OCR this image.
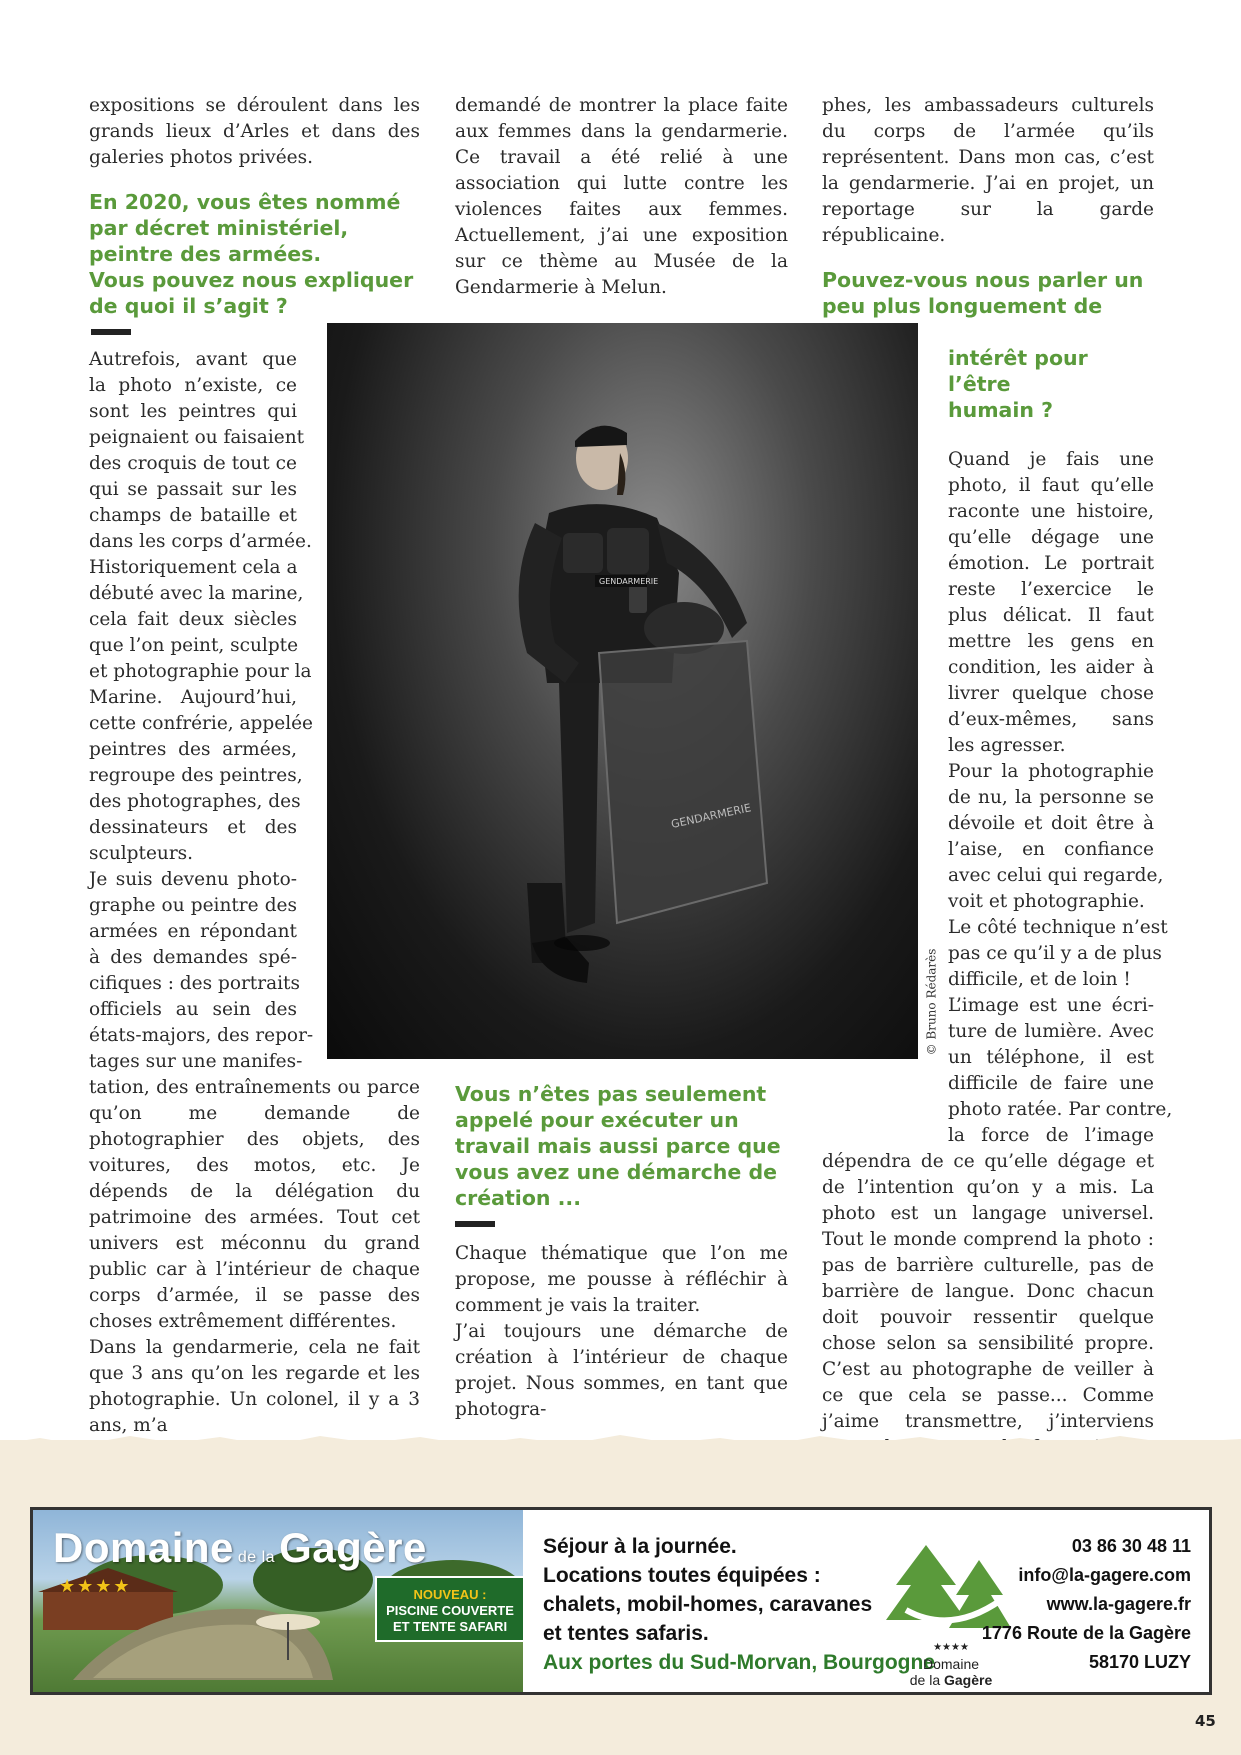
expositions se déroulent dans les grands lieux d’Arles et dans des galeries photos privées.

En 2020, vous êtes nommé

par décret ministériel,

peintre des armées.

Vous pouvez nous expliquer

de quoi il s’agit ?

Autrefois, avant que
la photo n’existe, ce
sont les peintres qui
peignaient ou faisaient
des croquis de tout ce
qui se passait sur les
champs de bataille et
dans les corps d’armée.
Historiquement cela a
débuté avec la marine,
cela fait deux siècles
que l’on peint, sculpte
et photographie pour la
Marine. Aujourd’hui,
cette confrérie, appelée
peintres des armées,
regroupe des peintres,
des photographes, des
dessinateurs et des
sculpteurs.
Je suis devenu photo-
graphe ou peintre des
armées en répondant
à des demandes spé-
cifiques : des portraits
officiels au sein des
états-majors, des repor-
tages sur une manifes-

tation, des entraînements ou parce qu’on me demande de photographier des objets, des voitures, des motos, etc. Je dépends de la délégation du patrimoine des armées. Tout cet univers est méconnu du grand public car à l’intérieur de chaque corps d’armée, il se passe des choses extrêmement différentes.

Dans la gendarmerie, cela ne fait que 3 ans qu’on les regarde et les photographie. Un colonel, il y a 3 ans, m’a

demandé de montrer la place faite aux femmes dans la gendarmerie. Ce travail a été relié à une association qui lutte contre les violences faites aux femmes. Actuellement, j’ai une exposition sur ce thème au Musée de la Gendarmerie à Melun.

Vous n’êtes pas seulement

appelé pour exécuter un

travail mais aussi parce que

vous avez une démarche de

création ...

Chaque thématique que l’on me propose, me pousse à réfléchir à comment je vais la traiter.

J’ai toujours une démarche de création à l’intérieur de chaque projet. Nous sommes, en tant que photogra-

phes, les ambassadeurs culturels du corps de l’armée qu’ils représentent. Dans mon cas, c’est la gendarmerie. J’ai en projet, un reportage sur la garde républicaine.

Pouvez-vous nous parler un

peu plus longuement de

intérêt pour l’être

humain ?

Quand je fais une
photo, il faut qu’elle
raconte une histoire,
qu’elle dégage une
émotion. Le portrait
reste l’exercice le
plus délicat. Il faut
mettre les gens en
condition, les aider à
livrer quelque chose
d’eux-mêmes, sans
les agresser.
Pour la photographie
de nu, la personne se
dévoile et doit être à
l’aise, en confiance
avec celui qui regarde,
voit et photographie.
Le côté technique n’est
pas ce qu’il y a de plus
difficile, et de loin !
L’image est une écri-
ture de lumière. Avec
un téléphone, il est
difficile de faire une
photo ratée. Par contre,
la force de l’image

dépendra de ce qu’elle dégage et de l’intention qu’on y a mis. La photo est un langage universel. Tout le monde comprend la photo : pas de barrière culturelle, pas de barrière de langue. Donc chacun doit pouvoir ressentir quelque chose selon sa sensibilité propre. C’est au photographe de veiller à ce que cela se passe... Comme j’aime transmettre, j’interviens

GENDARMERIE
GENDARMERIE
© Bruno Rédarès
Domaine de laGagère
★★★★	NOUVEAU :
PISCINE COUVERTE
ET TENTE SAFARI
Séjour à la journée.
Locations toutes équipées :
chalets, mobil-homes, caravanes
et tentes safaris.
Aux portes du Sud-Morvan, Bourgogne
★★★★
Domaine
de la Gagère
03 86 30 48 11
info@la-gagere.com
www.la-gagere.fr
1776 Route de la Gagère
58170 LUZY
45
